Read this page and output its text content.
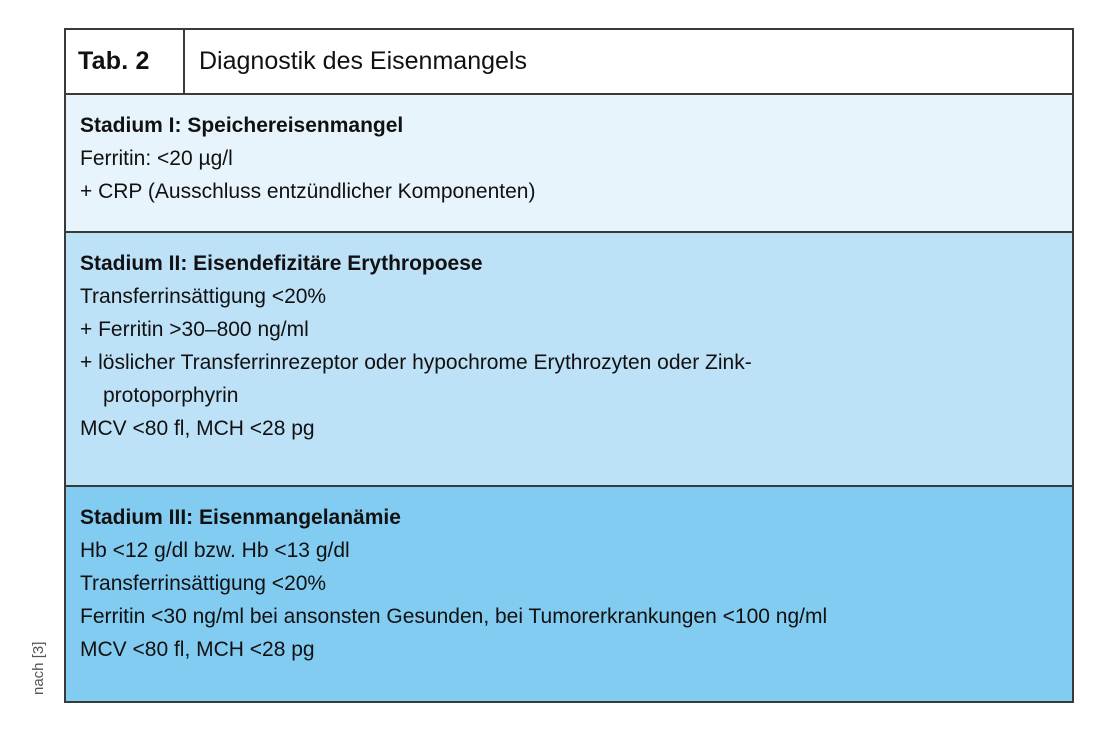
Tab. 2	Diagnostik des Eisenmangels
Stadium I: Speichereisenmangel
Ferritin: <20 µg/l
+ CRP (Ausschluss entzündlicher Komponenten)
Stadium II: Eisendefizitäre Erythropoese
Transferrinsättigung <20%
+ Ferritin >30–800 ng/ml
+ löslicher Transferrinrezeptor oder hypochrome Erythrozyten oder Zink-
protoporphyrin
MCV <80 fl, MCH <28 pg
Stadium III: Eisenmangelanämie
Hb <12 g/dl bzw. Hb <13 g/dl
Transferrinsättigung <20%
Ferritin <30 ng/ml bei ansonsten Gesunden, bei Tumorerkrankungen <100 ng/ml
MCV <80 fl, MCH <28 pg
nach [3]
